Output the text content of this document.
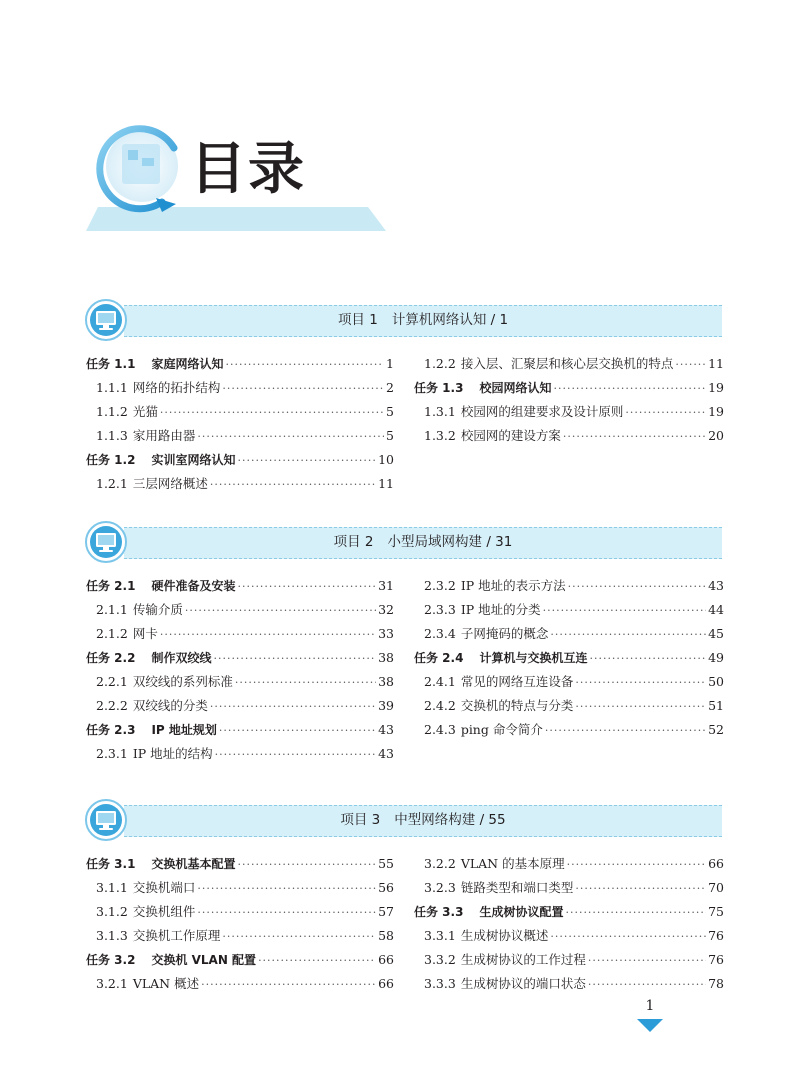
目录
项目 1 计算机网络认知 / 1
任务 1.1 家庭网络认知 ·····	1
1.1.1 网络的拓扑结构 ·····	2
1.1.2 光猫 ·····	5
1.1.3 家用路由器 ·····	5
任务 1.2 实训室网络认知 ·····	10
1.2.1 三层网络概述 ·····	11
1.2.2 接入层、汇聚层和核心层交换机的特点 ·····	11
任务 1.3 校园网络认知 ·····	19
1.3.1 校园网的组建要求及设计原则 ·····	19
1.3.2 校园网的建设方案 ·····	20
项目 2 小型局域网构建 / 31
任务 2.1 硬件准备及安装 ·····	31
2.1.1 传输介质 ·····	32
2.1.2 网卡 ·····	33
任务 2.2 制作双绞线 ·····	38
2.2.1 双绞线的系列标准 ·····	38
2.2.2 双绞线的分类 ·····	39
任务 2.3 IP 地址规划 ·····	43
2.3.1 IP 地址的结构 ·····	43
2.3.2 IP 地址的表示方法 ·····	43
2.3.3 IP 地址的分类 ·····	44
2.3.4 子网掩码的概念 ·····	45
任务 2.4 计算机与交换机互连 ·····	49
2.4.1 常见的网络互连设备 ·····	50
2.4.2 交换机的特点与分类 ·····	51
2.4.3 ping 命令简介 ·····	52
项目 3 中型网络构建 / 55
任务 3.1 交换机基本配置 ·····	55
3.1.1 交换机端口 ·····	56
3.1.2 交换机组件 ·····	57
3.1.3 交换机工作原理 ·····	58
任务 3.2 交换机 VLAN 配置 ·····	66
3.2.1 VLAN 概述 ·····	66
3.2.2 VLAN 的基本原理 ·····	66
3.2.3 链路类型和端口类型 ·····	70
任务 3.3 生成树协议配置 ·····	75
3.3.1 生成树协议概述 ·····	76
3.3.2 生成树协议的工作过程 ·····	76
3.3.3 生成树协议的端口状态 ·····	78
1
